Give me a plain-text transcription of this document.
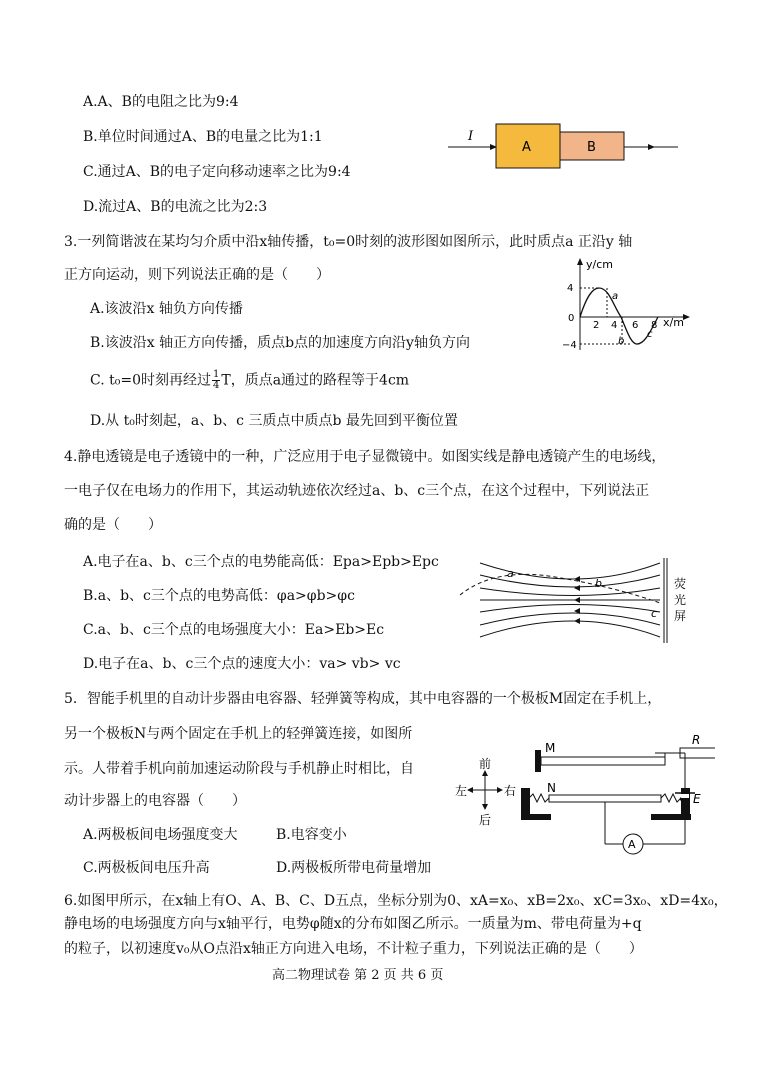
A.A、B的电阻之比为9:4
B.单位时间通过A、B的电量之比为1:1
C.通过A、B的电子定向移动速率之比为9:4
D.流过A、B的电流之比为2:3
I
A	B
3.一列简谐波在某均匀介质中沿x轴传播，t₀=0时刻的波形图如图所示，此时质点a 正沿y 轴
正方向运动，则下列说法正确的是（　　）
A.该波沿x 轴负方向传播
B.该波沿x 轴正方向传播，质点b点的加速度方向沿y轴负方向
C. t₀=0时刻再经过 $\frac{1}{4}$ T，质点a通过的路程等于4cm
D.从 t₀时刻起，a、b、c 三质点中质点b 最先回到平衡位置
y/cm
x/m
4
0
−4
2 4 6 8
a
b
c
4.静电透镜是电子透镜中的一种，广泛应用于电子显微镜中。如图实线是静电透镜产生的电场线，
一电子仅在电场力的作用下，其运动轨迹依次经过a、b、c三个点，在这个过程中，下列说法正
确的是（　　）
A.电子在a、b、c三个点的电势能高低：Epa>Epb>Epc
B.a、b、c三个点的电势高低：φa>φb>φc
C.a、b、c三个点的电场强度大小：Ea>Eb>Ec
D.电子在a、b、c三个点的速度大小：va> vb> vc
a
b
c
荧
光
屏
5．智能手机里的自动计步器由电容器、轻弹簧等构成，其中电容器的一个极板M固定在手机上，
另一个极板N与两个固定在手机上的轻弹簧连接，如图所
示。人带着手机向前加速运动阶段与手机静止时相比，自
动计步器上的电容器（　　）
A.两极板间电场强度变大	B.电容变小
C.两极板间电压升高	D.两极板所带电荷量增加
前
后
左	右
M
N
R
A
E
6.如图甲所示，在x轴上有O、A、B、C、D五点，坐标分别为0、xA=x₀、xB=2x₀、xC=3x₀、xD=4x₀，
静电场的电场强度方向与x轴平行，电势φ随x的分布如图乙所示。一质量为m、带电荷量为+q
的粒子，以初速度v₀从O点沿x轴正方向进入电场，不计粒子重力，下列说法正确的是（　　）
高二物理试卷 第 2 页 共 6 页
